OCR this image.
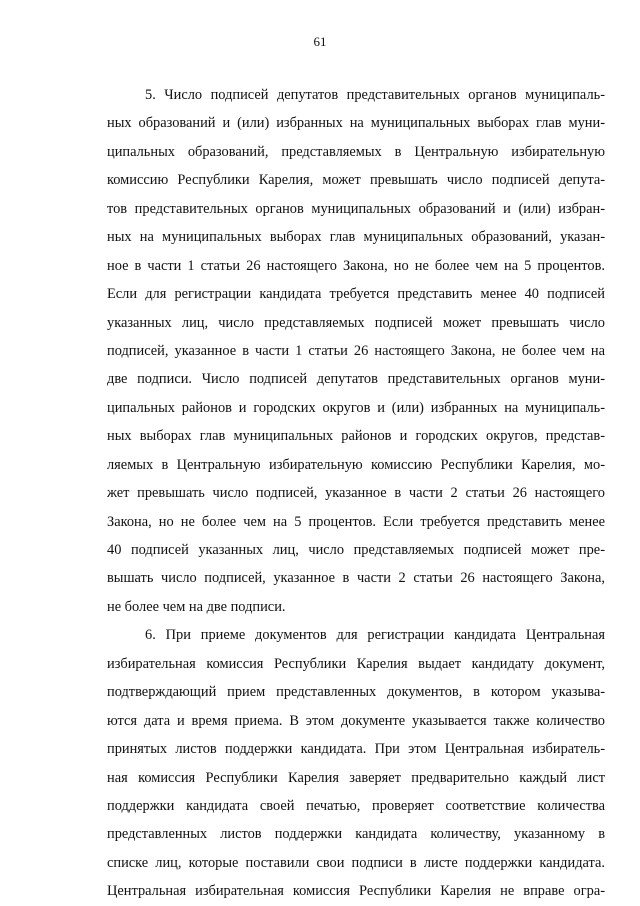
61
5. Число подписей депутатов представительных органов муниципаль-
ных образований и (или) избранных на муниципальных выборах глав муни-
ципальных образований, представляемых в Центральную избирательную
комиссию Республики Карелия, может превышать число подписей депута-
тов представительных органов муниципальных образований и (или) избран-
ных на муниципальных выборах глав муниципальных образований, указан-
ное в части 1 статьи 26 настоящего Закона, но не более чем на 5 процентов.
Если для регистрации кандидата требуется представить менее 40 подписей
указанных лиц, число представляемых подписей может превышать число
подписей, указанное в части 1 статьи 26 настоящего Закона, не более чем на
две подписи. Число подписей депутатов представительных органов муни-
ципальных районов и городских округов и (или) избранных на муниципаль-
ных выборах глав муниципальных районов и городских округов, представ-
ляемых в Центральную избирательную комиссию Республики Карелия, мо-
жет превышать число подписей, указанное в части 2 статьи 26 настоящего
Закона, но не более чем на 5 процентов. Если требуется представить менее
40 подписей указанных лиц, число представляемых подписей может пре-
вышать число подписей, указанное в части 2 статьи 26 настоящего Закона,
не более чем на две подписи.
6. При приеме документов для регистрации кандидата Центральная
избирательная комиссия Республики Карелия выдает кандидату документ,
подтверждающий прием представленных документов, в котором указыва-
ются дата и время приема. В этом документе указывается также количество
принятых листов поддержки кандидата. При этом Центральная избиратель-
ная комиссия Республики Карелия заверяет предварительно каждый лист
поддержки кандидата своей печатью, проверяет соответствие количества
представленных листов поддержки кандидата количеству, указанному в
списке лиц, которые поставили свои подписи в листе поддержки кандидата.
Центральная избирательная комиссия Республики Карелия не вправе огра-
